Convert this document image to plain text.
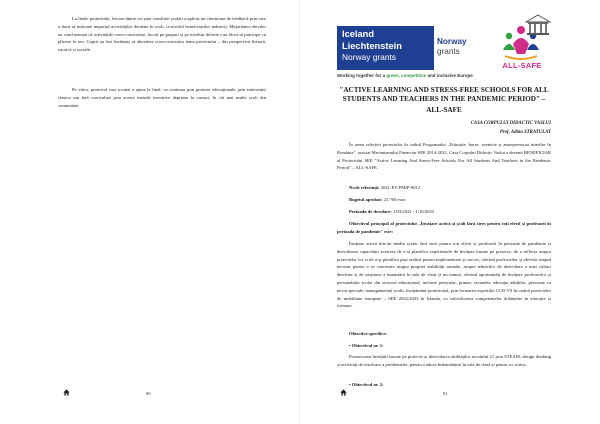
La finele proiectului, fiecare dintre cei șase consilieri școlari a aplicat un chestionar de feedback prin care a dorit să măsoare impactul activităților derulate în școli, la nivelul beneficiarilor indirecți. Majoritatea elevilor au concluzionat că activitățile cross-curriculare, lucrul pe grupuri și pe niveluri diferite i-au făcut să participe cu plăcere la ore. Copiii au fost încântați să abordeze cross-curricular tema proiectului – din perspectivă literară, istorică și socială.

Pe viitor, proiectul care tocmai a ajuns la final, va continua prin proiecte educaționale, prin intervenții clasica sau fără curriculare prin aceste metode inovative deprinse la cursuri, în cât mai multe școli din comunitate.

Iceland
Liechtenstein
Norway grants
Norway
grants
ALL-SAFE
Working together for a green, competitive and inclusive Europe
"ACTIVE LEARNING AND STRESS-FREE SCHOOLS FOR ALL STUDENTS AND TEACHERS IN THE PANDEMIC PERIOD" –
ALL-SAFE
CASA CORPULUI DIDACTIC VASLUI
Prof. Adina STRATULAT

În urma selecției proiectelor în cadrul Programului „Educație, burse, ucenicie și antreprenoriat tinerilor în România", asociat Mecanismului Financiar SEE 2014-2021, Casa Corpului Didactic Vaslui a devenit BENEFICIAR al Proiectului SEE "Active Learning And Stress-Free Schools For All Students And Teachers in the Pandemic Period" – ALL-SAFE.

Nr.de referință: 2021-EY-PMIP-0012

Bugetul aprobat: 23.760 euro

Perioada de derulare: 1/03/2022 - 1/10/2023

Obiectivul principal al proiectului „Învățare activă și școli fără stres pentru toți elevii și profesorii în perioada de pandemie" este:

Învățare activă într-un mediu școlar fără stres pentru toți elevii și profesorii în perioada de pandemie și dezvoltarea capacității acestora de a-și planifica experiențele de învățare bazate pe proiecte, de a reflecta asupra proiectelor lor și de a-și planifica pași realiști pentru implementare și succes, oferind profesorilor și elevilor timpul necesar pentru a se concentra asupra propriei stabilități mintale, asupra tehnicilor de dezvoltare a unei culturi deschise și de susținere a bunăstării în sala de clasă și nu numai, oferind oportunități de învățare profesorilor și personalului școlar din sectorul educațional, inclusiv preșcolar, primar, secundar, educația adulților, persoane cu nevoi speciale, managementul școlii, învățământ profesional, prin formarea experților CCD VS în cadrul proiectelor de mobilitate europene – SEE 2022/2023 în Islanda, cu valorificarea competențelor dobândite în educație și formare.

Obiective specifice:

• Obiectivul nr. 1:

Promovarea învățării bazate pe proiecte și dezvoltarea abilităților secolului 21 prin STEAM, design thinking și activități de rezolvare a problemelor, pentru a aduce îmbunătățirii în sala de clasă și pentru a-i activa.

• Obiectivul nr. 2:

80	81
